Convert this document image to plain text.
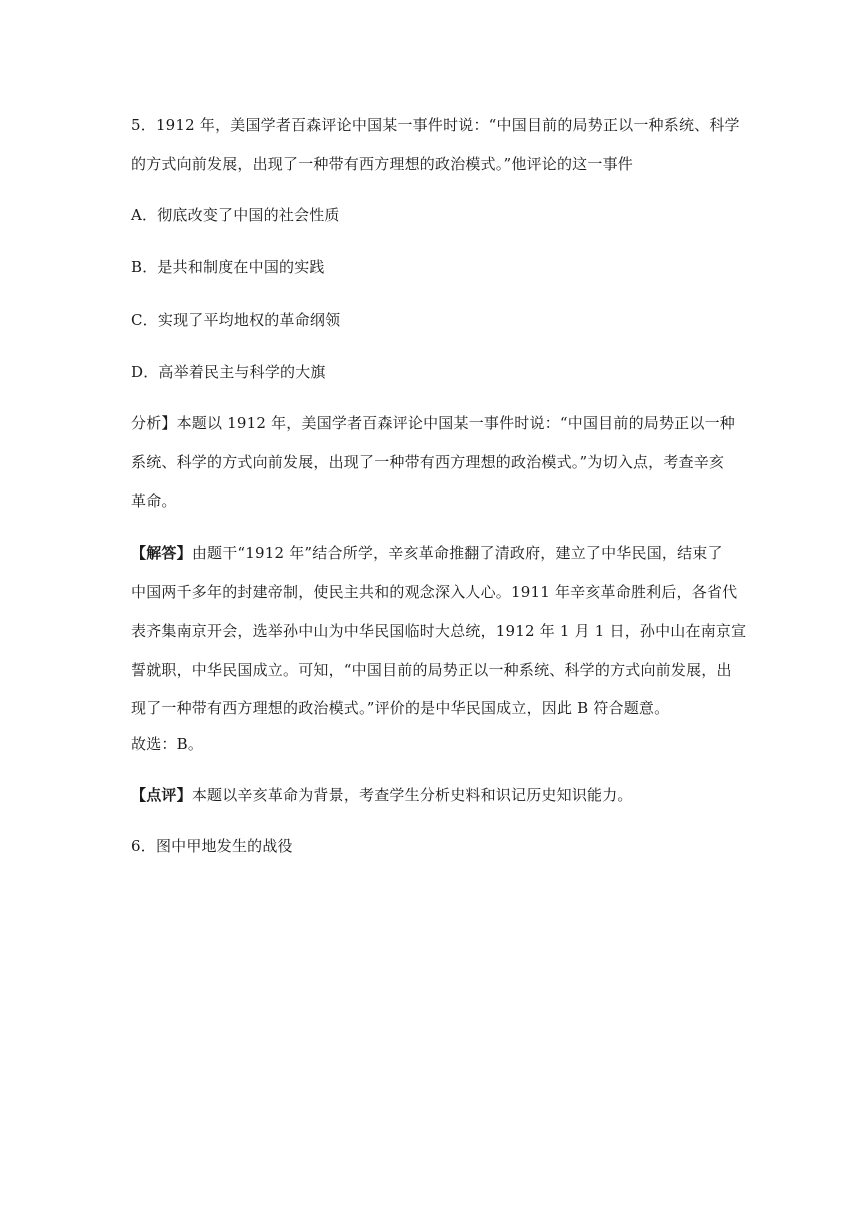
5．1912 年，美国学者百森评论中国某一事件时说：“中国目前的局势正以一种系统、科学
的方式向前发展，出现了一种带有西方理想的政治模式。”他评论的这一事件
A．彻底改变了中国的社会性质
B．是共和制度在中国的实践
C．实现了平均地权的革命纲领
D．高举着民主与科学的大旗
分析】本题以 1912 年，美国学者百森评论中国某一事件时说：“中国目前的局势正以一种
系统、科学的方式向前发展，出现了一种带有西方理想的政治模式。”为切入点，考查辛亥
革命。
【解答】由题干“1912 年”结合所学，辛亥革命推翻了清政府，建立了中华民国，结束了
中国两千多年的封建帝制，使民主共和的观念深入人心。1911 年辛亥革命胜利后，各省代
表齐集南京开会，选举孙中山为中华民国临时大总统，1912 年 1 月 1 日，孙中山在南京宣
誓就职，中华民国成立。可知，“中国目前的局势正以一种系统、科学的方式向前发展，出
现了一种带有西方理想的政治模式。”评价的是中华民国成立，因此 B 符合题意。
故选：B。
【点评】本题以辛亥革命为背景，考查学生分析史料和识记历史知识能力。
6．图中甲地发生的战役
